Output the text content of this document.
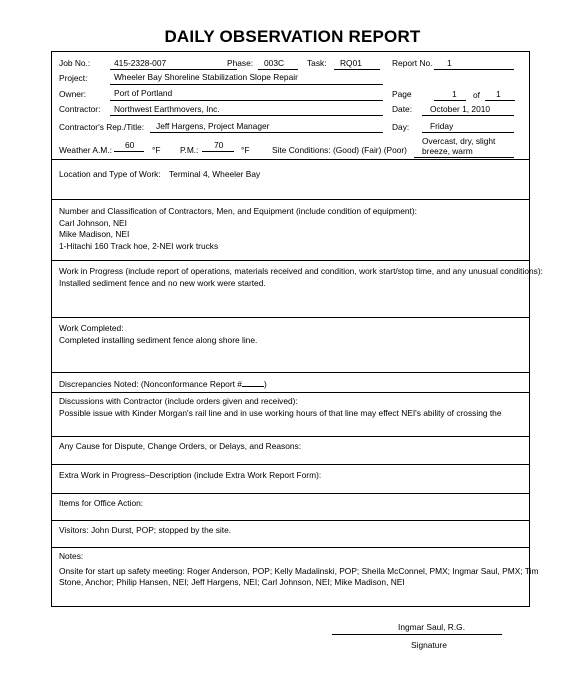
DAILY OBSERVATION REPORT
Job No.:	415-2328-007	Phase: 003C	Task: RQ01	Report No. 1
Project:	Wheeler Bay Shoreline Stabilization Slope Repair
Owner:	Port of Portland	Page	1 of 1
Contractor: Northwest Earthmovers, Inc.	Date: October 1, 2010
Contractor's Rep./Title: Jeff Hargens, Project Manager	Day: Friday
Weather A.M.: 60 °F P.M.: 70 °F	Site Conditions: (Good) (Fair) (Poor)
Overcast, dry, slight
breeze, warm
Location and Type of Work: Terminal 4, Wheeler Bay
Number and Classification of Contractors, Men, and Equipment (include condition of equipment):
Carl Johnson, NEI
Mike Madison, NEI
1-Hitachi 160 Track hoe, 2-NEI work trucks
Work in Progress (include report of operations, materials received and condition, work start/stop time, and any unusual conditions):
Installed sediment fence and no new work were started.
Work Completed:
Completed installing sediment fence along shore line.
Discrepancies Noted: (Nonconformance Report #	)
Discussions with Contractor (include orders given and received):
Possible issue with Kinder Morgan's rail line and in use working hours of that line may effect NEI's ability of crossing the
Any Cause for Dispute, Change Orders, or Delays, and Reasons:
Extra Work in Progress–Description (include Extra Work Report Form):
Items for Office Action:
Visitors: John Durst, POP; stopped by the site.
Notes:
Onsite for start up safety meeting: Roger Anderson, POP; Kelly Madalinski, POP; Sheila McConnel, PMX; Ingmar Saul, PMX; Tim
Stone, Anchor; Philip Hansen, NEI; Jeff Hargens, NEI; Carl Johnson, NEI; Mike Madison, NEI
Ingmar Saul, R.G.
Signature
